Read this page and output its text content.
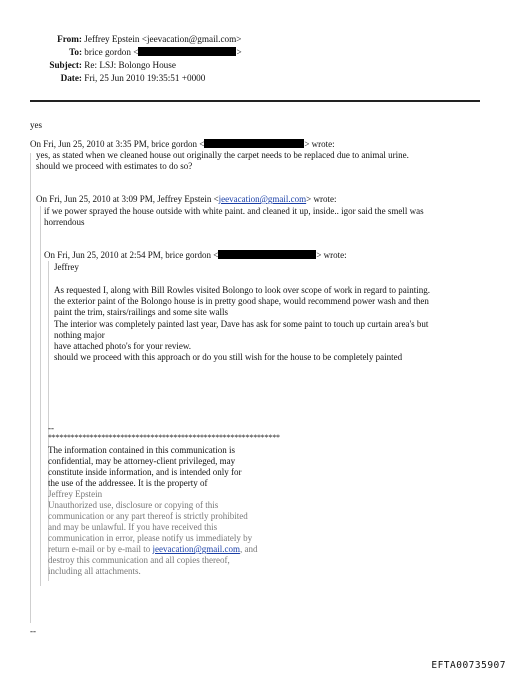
From: Jeffrey Epstein <jeevacation@gmail.com>
To: brice gordon <	>
Subject: Re: LSJ: Bolongo House
Date: Fri, 25 Jun 2010 19:35:51 +0000
yes
On Fri, Jun 25, 2010 at 3:35 PM, brice gordon <	> wrote:
yes, as stated when we cleaned house out originally the carpet needs to be replaced due to animal urine.
should we proceed with estimates to do so?
On Fri, Jun 25, 2010 at 3:09 PM, Jeffrey Epstein <jeevacation@gmail.com> wrote:
if we power sprayed the house outside with white paint. and cleaned it up, inside.. igor said the smell was
horrendous
On Fri, Jun 25, 2010 at 2:54 PM, brice gordon <	> wrote:
Jeffrey
As requested I, along with Bill Rowles visited Bolongo to look over scope of work in regard to painting.
the exterior paint of the Bolongo house is in pretty good shape, would recommend power wash and then
paint the trim, stairs/railings and some site walls
The interior was completely painted last year, Dave has ask for some paint to touch up curtain area's but
nothing major
have attached photo's for your review.
should we proceed with this approach or do you still wish for the house to be completely painted
--
*************************************************************
The information contained in this communication is
confidential, may be attorney-client privileged, may
constitute inside information, and is intended only for
the use of the addressee. It is the property of
Jeffrey Epstein
Unauthorized use, disclosure or copying of this
communication or any part thereof is strictly prohibited
and may be unlawful. If you have received this
communication in error, please notify us immediately by
return e-mail or by e-mail to jeevacation@gmail.com, and
destroy this communication and all copies thereof,
including all attachments.
--
EFTA00735907
